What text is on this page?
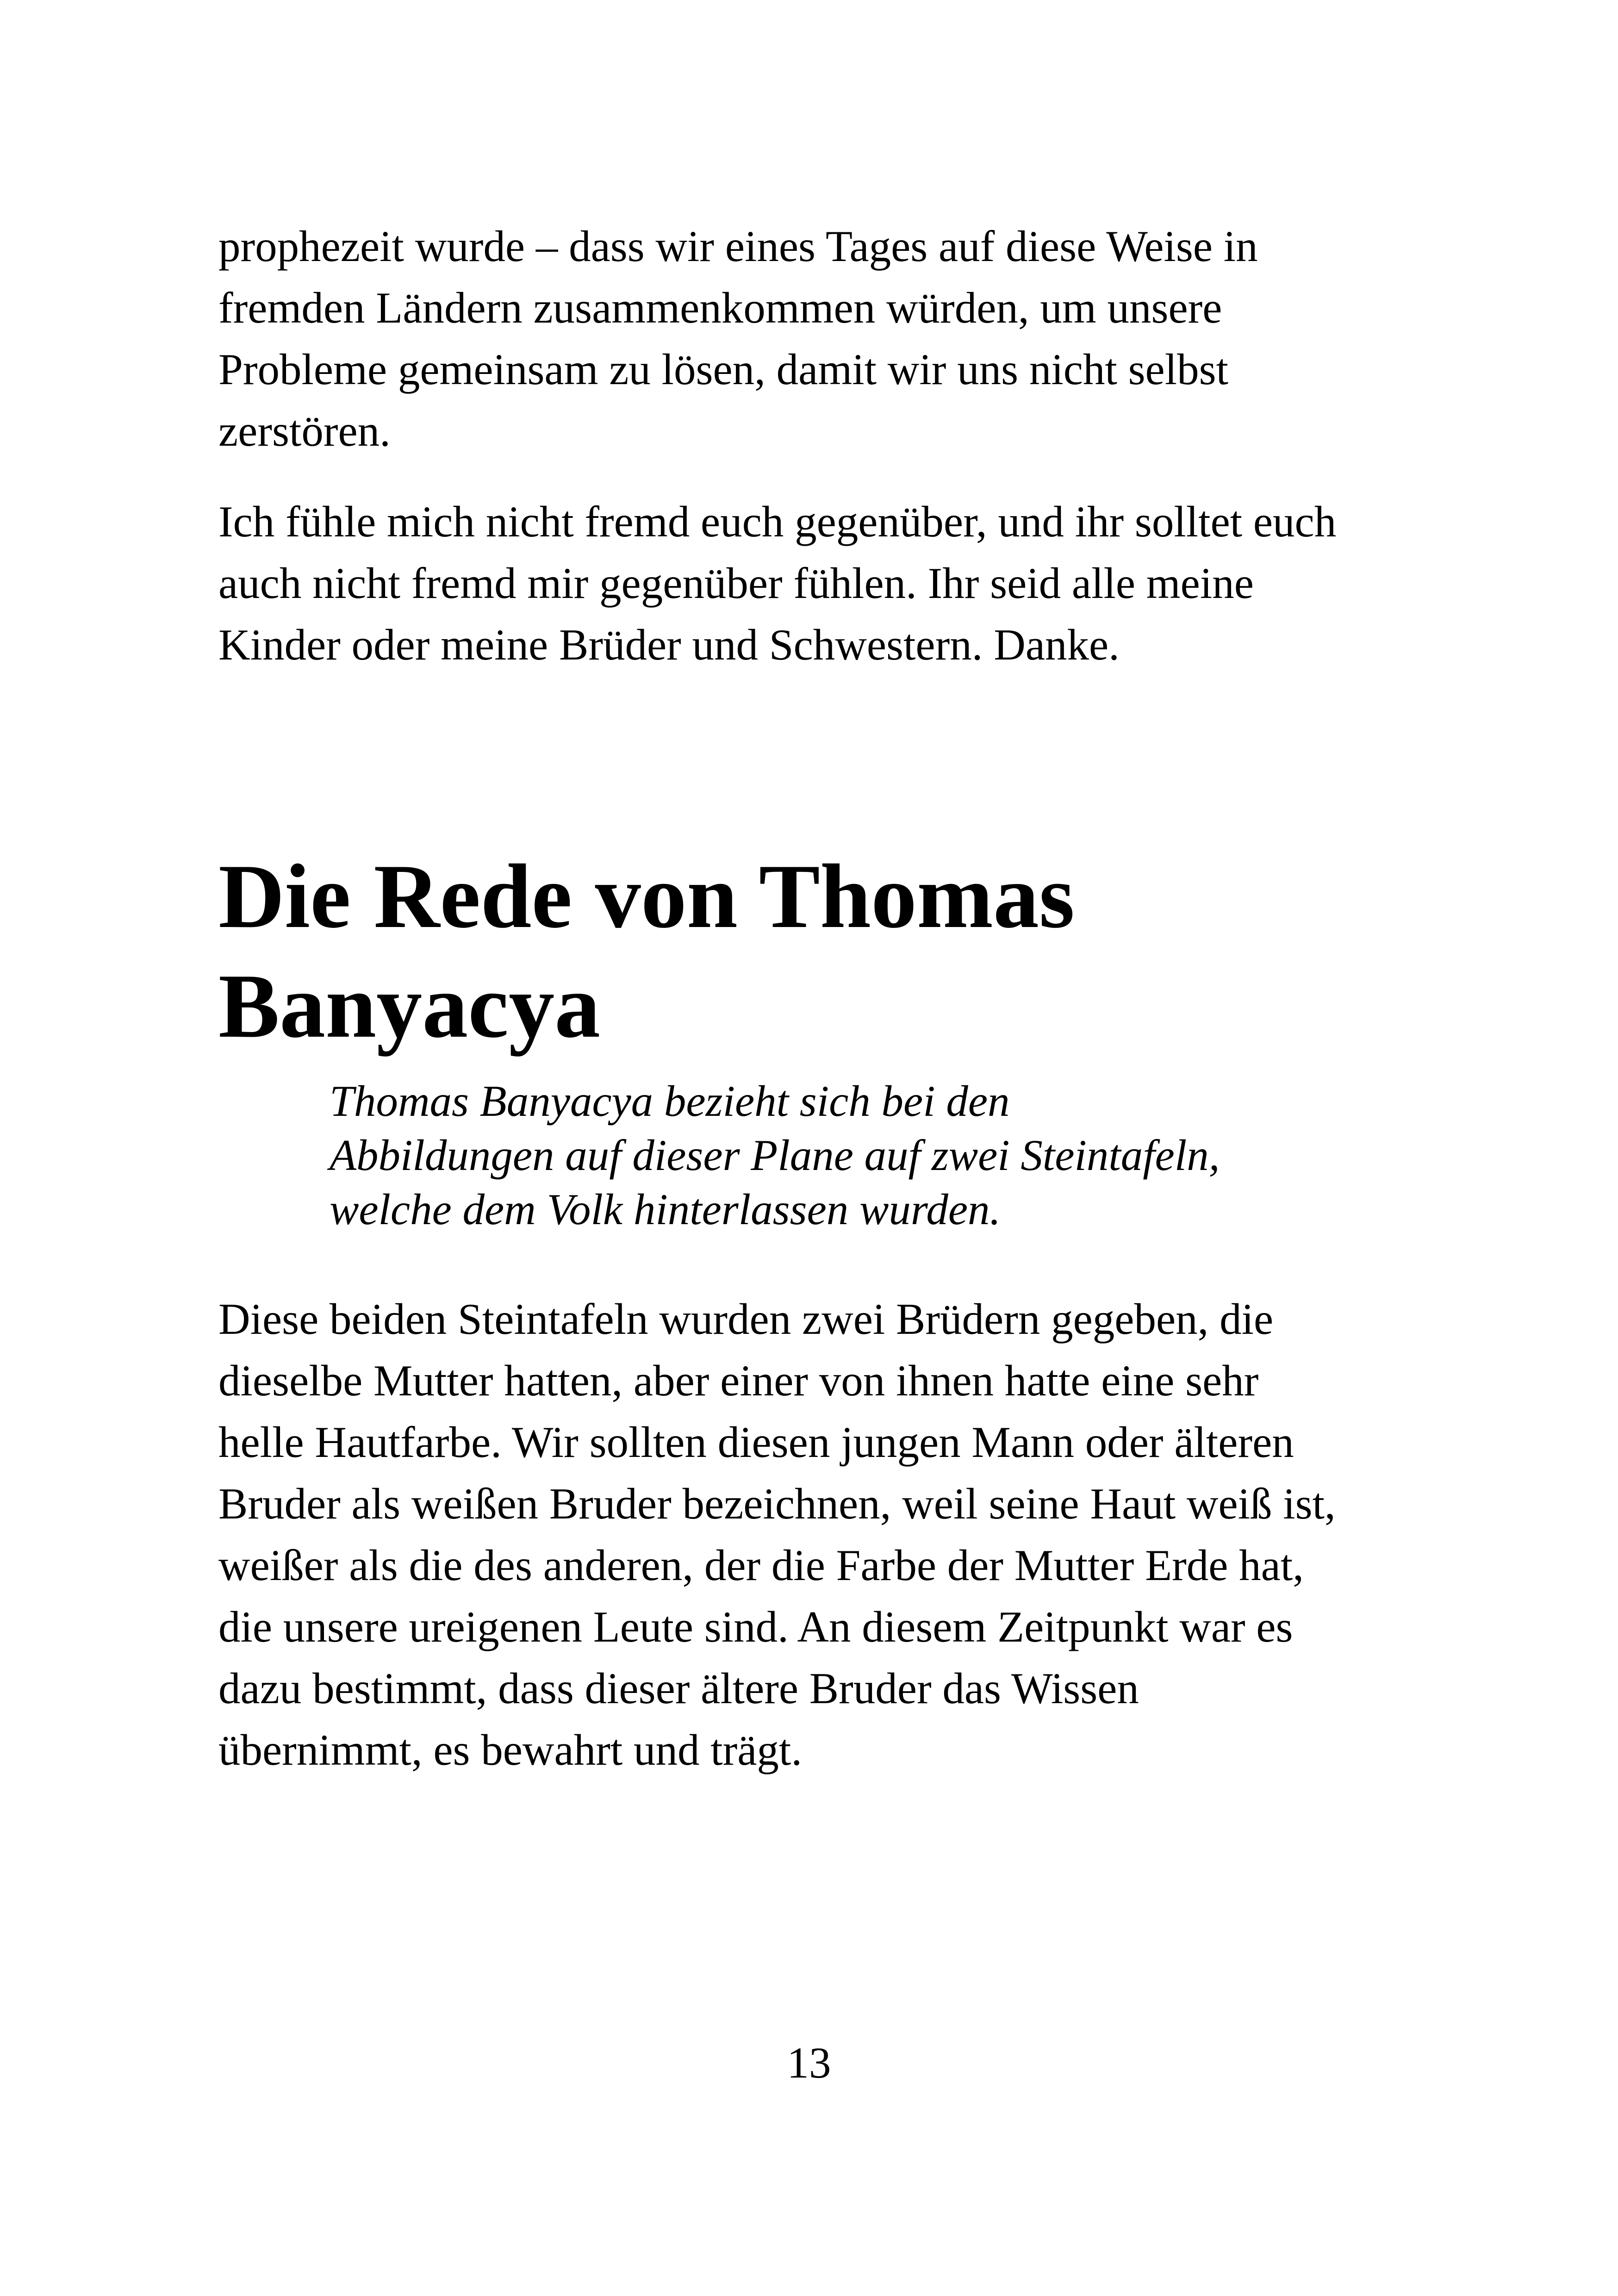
prophezeit wurde – dass wir eines Tages auf diese Weise in
fremden Ländern zusammenkommen würden, um unsere
Probleme gemeinsam zu lösen, damit wir uns nicht selbst
zerstören.
Ich fühle mich nicht fremd euch gegenüber, und ihr solltet euch
auch nicht fremd mir gegenüber fühlen. Ihr seid alle meine
Kinder oder meine Brüder und Schwestern. Danke.
Die Rede von Thomas
Banyacya
Thomas Banyacya bezieht sich bei den
Abbildungen auf dieser Plane auf zwei Steintafeln,
welche dem Volk hinterlassen wurden.
Diese beiden Steintafeln wurden zwei Brüdern gegeben, die
dieselbe Mutter hatten, aber einer von ihnen hatte eine sehr
helle Hautfarbe. Wir sollten diesen jungen Mann oder älteren
Bruder als weißen Bruder bezeichnen, weil seine Haut weiß ist,
weißer als die des anderen, der die Farbe der Mutter Erde hat,
die unsere ureigenen Leute sind. An diesem Zeitpunkt war es
dazu bestimmt, dass dieser ältere Bruder das Wissen
übernimmt, es bewahrt und trägt.
13
